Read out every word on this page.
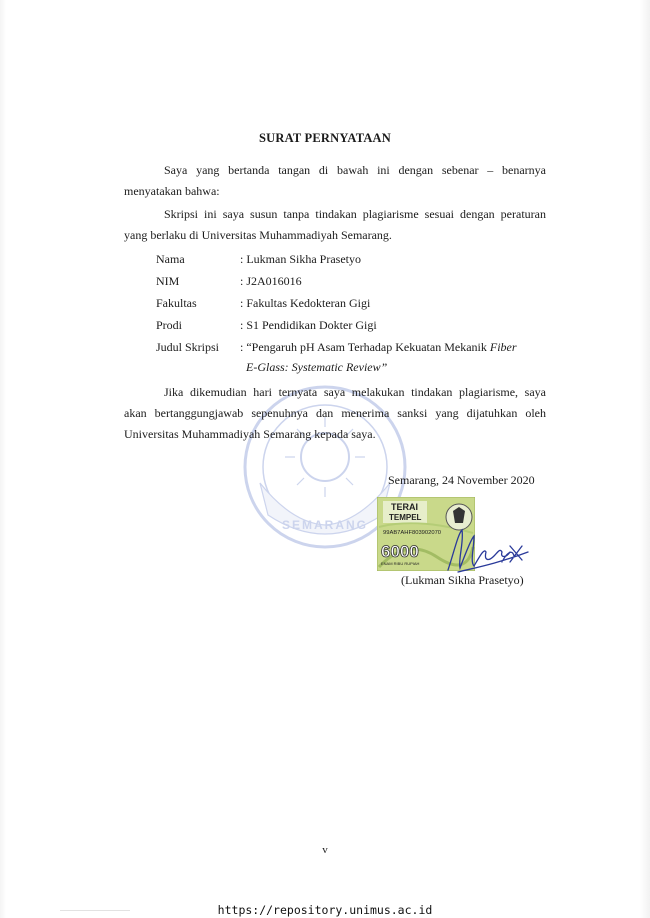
SEMARANG
SURAT PERNYATAAN
Saya yang bertanda tangan di bawah ini dengan sebenar – benarnya
menyatakan bahwa:
Skripsi ini saya susun tanpa tindakan plagiarisme sesuai dengan peraturan
yang berlaku di Universitas Muhammadiyah Semarang.
Nama	: Lukman Sikha Prasetyo
NIM	: J2A016016
Fakultas	: Fakultas Kedokteran Gigi
Prodi	: S1 Pendidikan Dokter Gigi
Judul Skripsi : “Pengaruh pH Asam Terhadap Kekuatan Mekanik Fiber
E-Glass: Systematic Review”
Jika dikemudian hari ternyata saya melakukan tindakan plagiarisme, saya
akan bertanggungjawab sepenuhnya dan menerima sanksi yang dijatuhkan oleh
Universitas Muhammadiyah Semarang kepada saya.
Semarang, 24 November 2020
TERAI
TEMPEL
99AB7AHF803902070
6000
ENAM RIBU RUPIAH
(Lukman Sikha Prasetyo)
v
https://repository.unimus.ac.id
